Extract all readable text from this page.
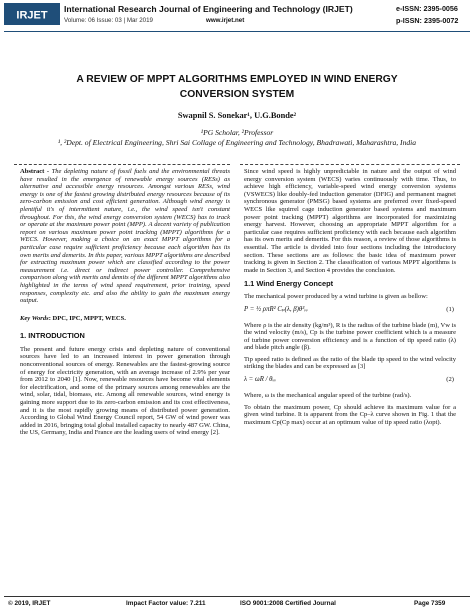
IRJET
International Research Journal of Engineering and Technology (IRJET)
Volume: 06 Issue: 03 | Mar 2019	www.irjet.net
e-ISSN: 2395-0056
p-ISSN: 2395-0072
A REVIEW OF MPPT ALGORITHMS EMPLOYED IN WIND ENERGY
CONVERSION SYSTEM
Swapnil S. Sonekar¹, U.G.Bonde²
¹PG Scholar, ²Professor
¹, ²Dept. of Electrical Engineering, Shri Sai Collage of Engineering and Technology, Bhadrawati, Maharashtra, India

Abstract - The depleting nature of fossil fuels and the environmental threats have resulted in the emergence of renewable energy sources (RESs) as alternative and accessible energy resources. Amongst various RESs, wind energy is one of the fastest growing distributed energy resources because of its zero-carbon emission and cost efficient generation. Although wind energy is plentiful it's of intermittent nature, i.e., the wind speed isn't constant throughout. For this, the wind energy conversion system (WECS) has to track or operate at the maximum power point (MPP). A decent variety of publication report on various maximum power point tracking (MPPT) algorithms for a WECS. However, making a choice on an exact MPPT algorithms for a particular case require sufficient proficiency because each algorithm has its own merits and demerits. In this paper, various MPPT algorithms are described for extracting maximum power which are classified according to the power measurement i.e. direct or indirect power controller. Comprehensive comparison along with merits and demits of the different MPPT algorithms also highlighted in the terms of wind speed requirement, prior training, speed responses, complexity etc. and also the ability to gain the maximum energy output.

Key Words: DPC, IPC, MPPT, WECS.

1. INTRODUCTION

The present and future energy crisis and depleting nature of conventional sources have led to an increased interest in power generation through nonconventional sources of energy. Renewables are the fastest-growing source of energy for electricity generation, with an average increase of 2.9% per year from 2012 to 2040 [1]. Now, renewable resources have become vital elements for electrification, and some of the primary sources among renewables are the wind, solar, tidal, biomass, etc. Among all renewable sources, wind energy is gaining more support due to its zero-carbon emission and its cost effectiveness, and it is the most rapidly growing means of distributed power generation. According to Global Wind Energy Council report, 54 GW of wind power was added in 2016, bringing total global installed capacity to nearly 487 GW. China, the US, Germany, India and France are the leading users of wind energy [2].

Since wind speed is highly unpredictable in nature and the output of wind energy conversion system (WECS) varies continuously with time. Thus, to achieve high efficiency, variable-speed wind energy conversion systems (VSWECS) like doubly-fed induction generator (DFIG) and permanent magnet synchronous generator (PMSG) based systems are preferred over fixed-speed WECS like squirrel cage induction generator based systems and maximum power point tracking (MPPT) algorithms are incorporated for maximizing energy harvest. However, choosing an appropriate MPPT algorithm for a particular case requires sufficient proficiency with each because each algorithm has its own merits and demerits. For this reason, a review of those algorithms is essential. The article is divided into four sections including the introductory section. These sections are as follows: the basic idea of maximum power tracking is given in Section 2. The classification of various MPPT algorithms is made in Section 3, and Section 4 provides the conclusion.

1.1 Wind Energy Concept

The mechanical power produced by a wind turbine is given as bellow:

P = ½ ρπR² Cₚ(λ, β)θ³ᵥᵥ	(1)

Where ρ is the air density (kg/m³), R is the radius of the turbine blade (m), Vw is the wind velocity (m/s), Cp is the turbine power coefficient which is a measure of turbine power conversion efficiency and is a function of tip speed ratio (λ) and blade pitch angle (β).

Tip speed ratio is defined as the ratio of the blade tip speed to the wind velocity striking the blades and can be expressed as [3]

λ = ωR / θᵥᵥ	(2)

Where, ω is the mechanical angular speed of the turbine (rad/s).

To obtain the maximum power, Cp should achieve its maximum value for a given wind turbine. It is apparent from the Cp–λ curve shown in Fig. 1 that the maximum Cp(Cp max) occur at an optimum value of tip speed ratio (λopt).

© 2019, IRJET	Impact Factor value: 7.211	ISO 9001:2008 Certified Journal	Page 7359
